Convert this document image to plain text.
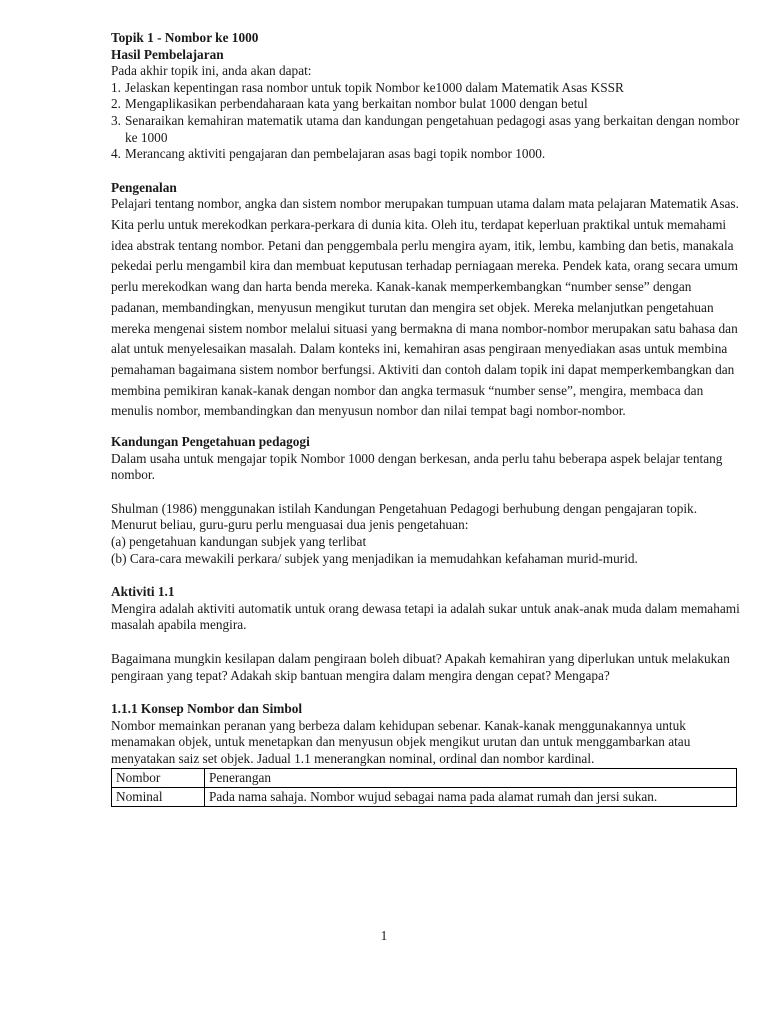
Topik 1 - Nombor ke 1000
Hasil Pembelajaran
Pada akhir topik ini, anda akan dapat:
1. Jelaskan kepentingan rasa nombor untuk topik Nombor ke1000 dalam Matematik Asas KSSR
2. Mengaplikasikan perbendaharaan kata yang berkaitan nombor bulat 1000 dengan betul
3. Senaraikan kemahiran matematik utama dan kandungan pengetahuan pedagogi asas yang berkaitan dengan nombor ke 1000
4. Merancang aktiviti pengajaran dan pembelajaran asas bagi topik nombor 1000.
Pengenalan

Pelajari tentang nombor, angka dan sistem nombor merupakan tumpuan utama dalam mata pelajaran Matematik Asas. Kita perlu untuk merekodkan perkara-perkara di dunia kita. Oleh itu, terdapat keperluan praktikal untuk memahami idea abstrak tentang nombor. Petani dan penggembala perlu mengira ayam, itik, lembu, kambing dan betis, manakala pekedai perlu mengambil kira dan membuat keputusan terhadap perniagaan mereka. Pendek kata, orang secara umum perlu merekodkan wang dan harta benda mereka. Kanak-kanak memperkembangkan “number sense” dengan padanan, membandingkan, menyusun mengikut turutan dan mengira set objek. Mereka melanjutkan pengetahuan mereka mengenai sistem nombor melalui situasi yang bermakna di mana nombor-nombor merupakan satu bahasa dan alat untuk menyelesaikan masalah. Dalam konteks ini, kemahiran asas pengiraan menyediakan asas untuk membina pemahaman bagaimana sistem nombor berfungsi. Aktiviti dan contoh dalam topik ini dapat memperkembangkan dan membina pemikiran kanak-kanak dengan nombor dan angka termasuk “number sense”, mengira, membaca dan menulis nombor, membandingkan dan menyusun nombor dan nilai tempat bagi nombor-nombor.

Kandungan Pengetahuan pedagogi

Dalam usaha untuk mengajar topik Nombor 1000 dengan berkesan, anda perlu tahu beberapa aspek belajar tentang nombor.

Shulman (1986) menggunakan istilah Kandungan Pengetahuan Pedagogi berhubung dengan pengajaran topik. Menurut beliau, guru-guru perlu menguasai dua jenis pengetahuan:

(a) pengetahuan kandungan subjek yang terlibat
(b) Cara-cara mewakili perkara/ subjek yang menjadikan ia memudahkan kefahaman murid-murid.
Aktiviti 1.1

Mengira adalah aktiviti automatik untuk orang dewasa tetapi ia adalah sukar untuk anak-anak muda dalam memahami masalah apabila mengira.

Bagaimana mungkin kesilapan dalam pengiraan boleh dibuat? Apakah kemahiran yang diperlukan untuk melakukan pengiraan yang tepat? Adakah skip bantuan mengira dalam mengira dengan cepat? Mengapa?

1.1.1 Konsep Nombor dan Simbol

Nombor memainkan peranan yang berbeza dalam kehidupan sebenar. Kanak-kanak menggunakannya untuk menamakan objek, untuk menetapkan dan menyusun objek mengikut urutan dan untuk menggambarkan atau menyatakan saiz set objek. Jadual 1.1 menerangkan nominal, ordinal dan nombor kardinal.

Nombor	Penerangan
Nominal	Pada nama sahaja. Nombor wujud sebagai nama pada alamat rumah dan jersi sukan.
1
